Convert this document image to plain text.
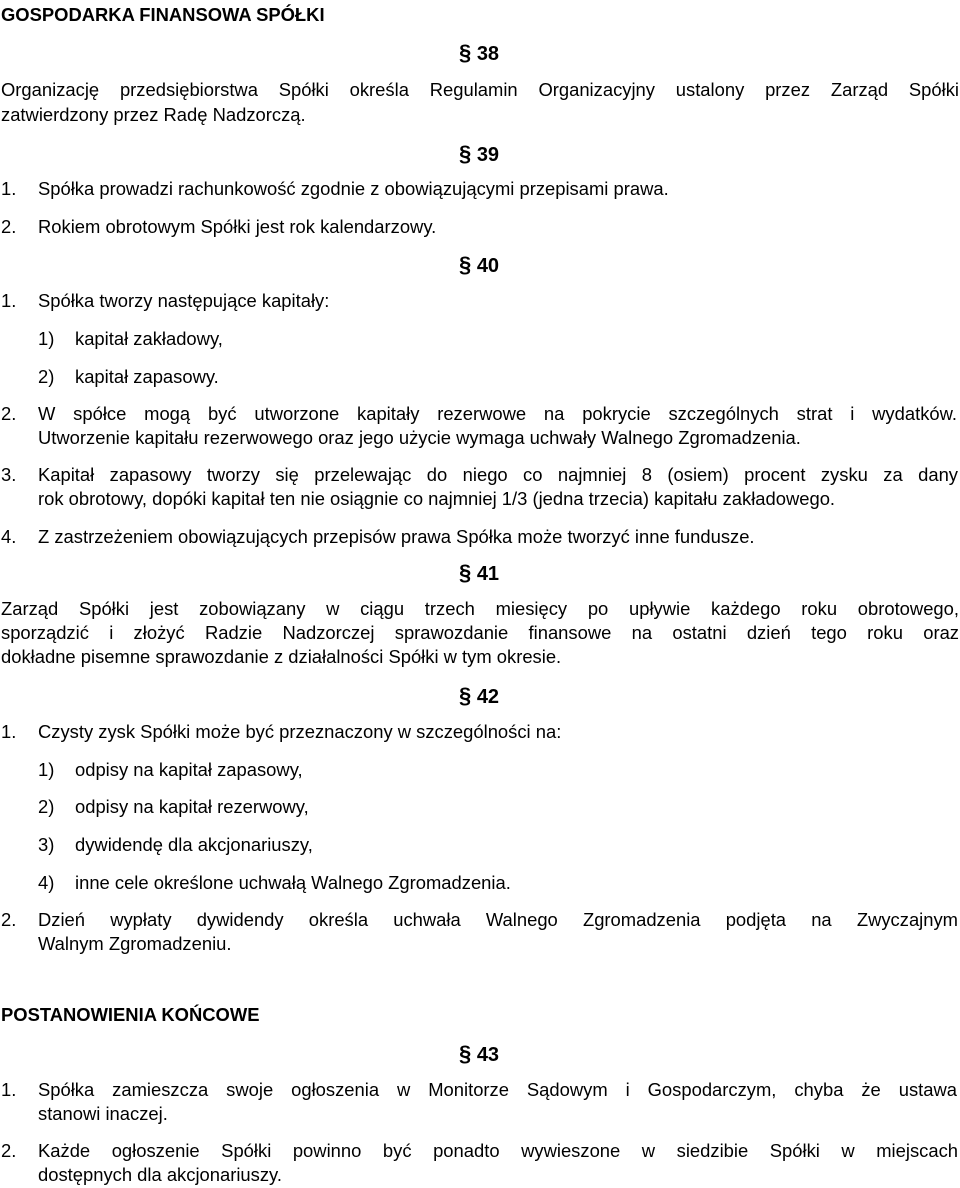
GOSPODARKA FINANSOWA SPÓŁKI
§ 38
Organizację przedsiębiorstwa Spółki określa Regulamin Organizacyjny ustalony przez Zarząd Spółki
zatwierdzony przez Radę Nadzorczą.
§ 39
1. Spółka prowadzi rachunkowość zgodnie z obowiązującymi przepisami prawa.
2. Rokiem obrotowym Spółki jest rok kalendarzowy.
§ 40
1. Spółka tworzy następujące kapitały:
1) kapitał zakładowy,
2) kapitał zapasowy.
2. W spółce mogą być utworzone kapitały rezerwowe na pokrycie szczególnych strat i wydatków.
Utworzenie kapitału rezerwowego oraz jego użycie wymaga uchwały Walnego Zgromadzenia.
3. Kapitał zapasowy tworzy się przelewając do niego co najmniej 8 (osiem) procent zysku za dany
rok obrotowy, dopóki kapitał ten nie osiągnie co najmniej 1/3 (jedna trzecia) kapitału zakładowego.
4. Z zastrzeżeniem obowiązujących przepisów prawa Spółka może tworzyć inne fundusze.
§ 41
Zarząd Spółki jest zobowiązany w ciągu trzech miesięcy po upływie każdego roku obrotowego,
sporządzić i złożyć Radzie Nadzorczej sprawozdanie finansowe na ostatni dzień tego roku oraz
dokładne pisemne sprawozdanie z działalności Spółki w tym okresie.
§ 42
1. Czysty zysk Spółki może być przeznaczony w szczególności na:
1) odpisy na kapitał zapasowy,
2) odpisy na kapitał rezerwowy,
3) dywidendę dla akcjonariuszy,
4) inne cele określone uchwałą Walnego Zgromadzenia.
2. Dzień wypłaty dywidendy określa uchwała Walnego Zgromadzenia podjęta na Zwyczajnym
Walnym Zgromadzeniu.
POSTANOWIENIA KOŃCOWE
§ 43
1. Spółka zamieszcza swoje ogłoszenia w Monitorze Sądowym i Gospodarczym, chyba że ustawa
stanowi inaczej.
2. Każde ogłoszenie Spółki powinno być ponadto wywieszone w siedzibie Spółki w miejscach
dostępnych dla akcjonariuszy.
